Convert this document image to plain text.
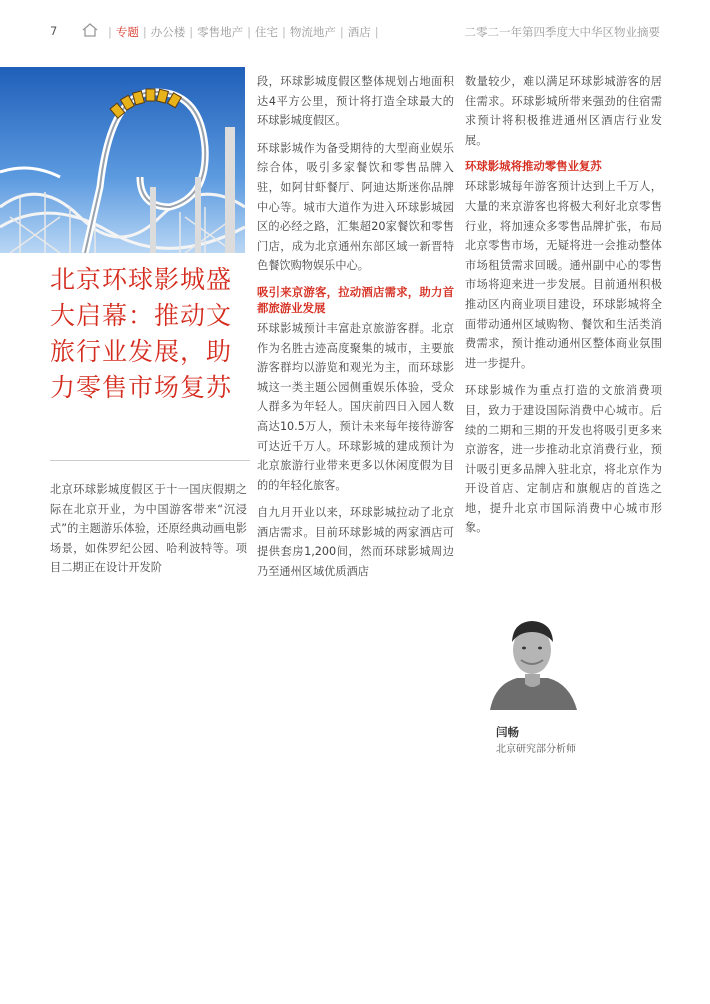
7	| 专题 | 办公楼 | 零售地产 | 住宅 | 物流地产 | 酒店 |	二零二一年第四季度大中华区物业摘要
北京环球影城盛大启幕：推动文旅行业发展，助力零售市场复苏

北京环球影城度假区于十一国庆假期之际在北京开业，为中国游客带来“沉浸式”的主题游乐体验，还原经典动画电影场景，如侏罗纪公园、哈利波特等。项目二期正在设计开发阶

段，环球影城度假区整体规划占地面积达4平方公里，预计将打造全球最大的环球影城度假区。

环球影城作为备受期待的大型商业娱乐综合体，吸引多家餐饮和零售品牌入驻，如阿甘虾餐厅、阿迪达斯迷你品牌中心等。城市大道作为进入环球影城园区的必经之路，汇集超20家餐饮和零售门店，成为北京通州东部区域一新晋特色餐饮购物娱乐中心。

吸引来京游客，拉动酒店需求，助力首都旅游业发展

环球影城预计丰富赴京旅游客群。北京作为名胜古迹高度聚集的城市，主要旅游客群均以游览和观光为主，而环球影城这一类主题公园侧重娱乐体验，受众人群多为年轻人。国庆前四日入园人数高达10.5万人，预计未来每年接待游客可达近千万人。环球影城的建成预计为北京旅游行业带来更多以休闲度假为目的的年轻化旅客。

自九月开业以来，环球影城拉动了北京酒店需求。目前环球影城的两家酒店可提供套房1,200间，然而环球影城周边乃至通州区域优质酒店

数量较少，难以满足环球影城游客的居住需求。环球影城所带来强劲的住宿需求预计将积极推进通州区酒店行业发展。

环球影城将推动零售业复苏

环球影城每年游客预计达到上千万人，大量的来京游客也将极大利好北京零售行业，将加速众多零售品牌扩张，布局北京零售市场，无疑将进一会推动整体市场租赁需求回暖。通州副中心的零售市场将迎来进一步发展。目前通州积极推动区内商业项目建设，环球影城将全面带动通州区域购物、餐饮和生活类消费需求，预计推动通州区整体商业氛围进一步提升。

环球影城作为重点打造的文旅消费项目，致力于建设国际消费中心城市。后续的二期和三期的开发也将吸引更多来京游客，进一步推动北京消费行业，预计吸引更多品牌入驻北京，将北京作为开设首店、定制店和旗舰店的首选之地，提升北京市国际消费中心城市形象。

闫畅
北京研究部分析师
